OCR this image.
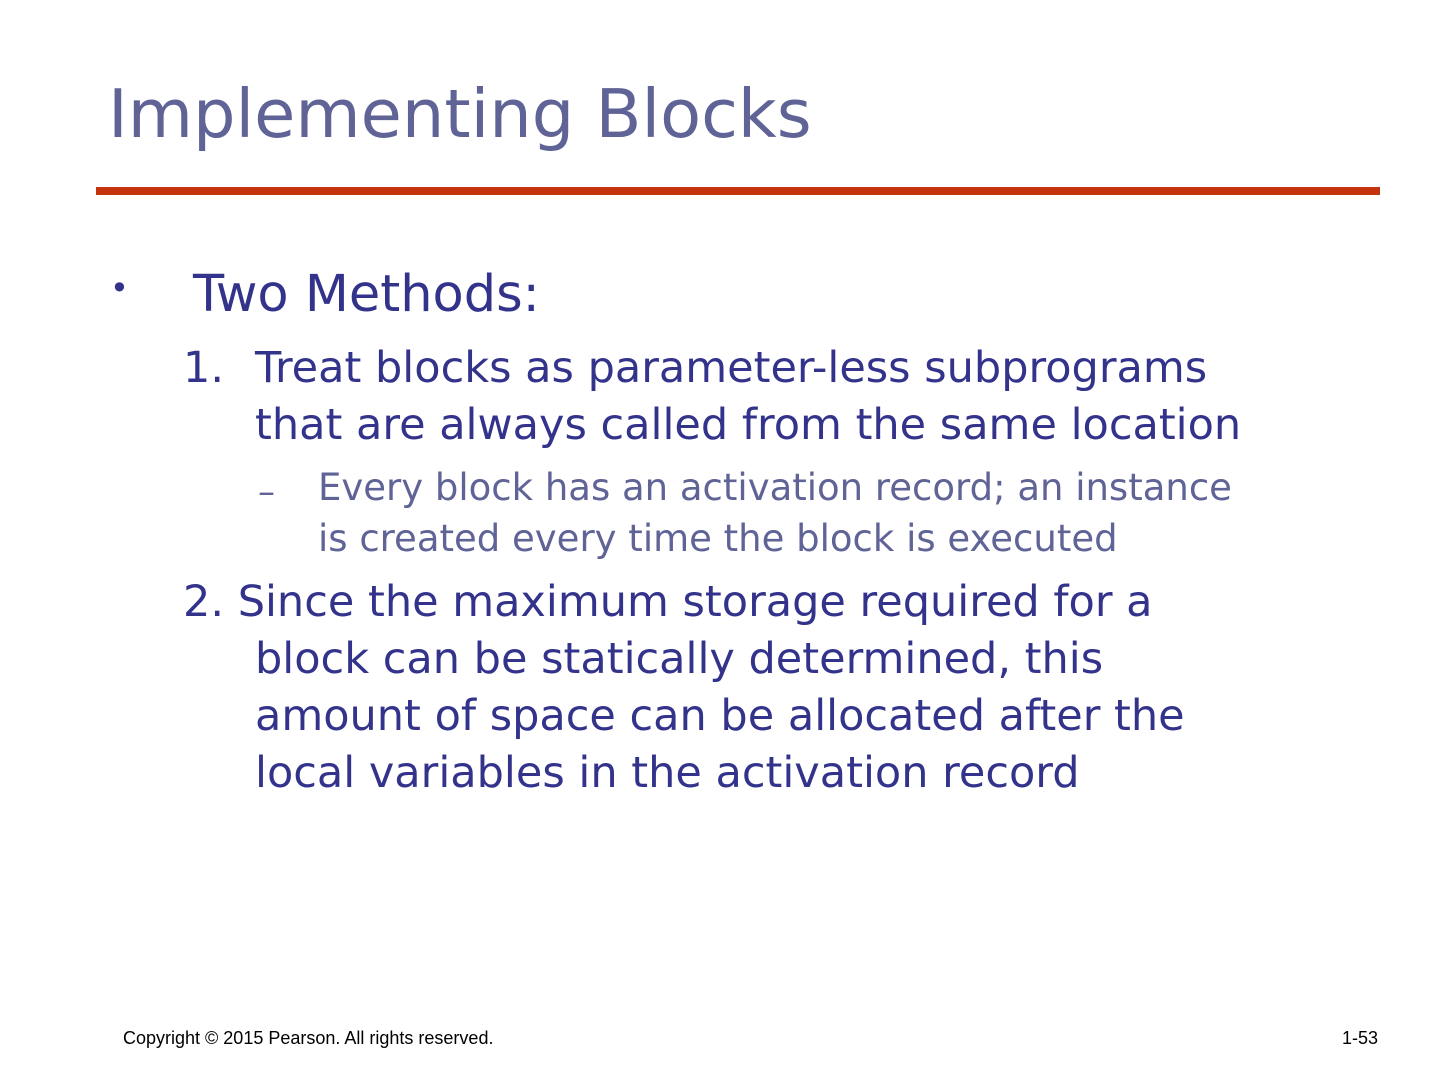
Implementing Blocks
• Two Methods:
1. Treat blocks as parameter-less subprograms
that are always called from the same location
– Every block has an activation record; an instance
is created every time the block is executed
2. Since the maximum storage required for a
block can be statically determined, this
amount of space can be allocated after the
local variables in the activation record
Copyright © 2015 Pearson. All rights reserved.	1-53
